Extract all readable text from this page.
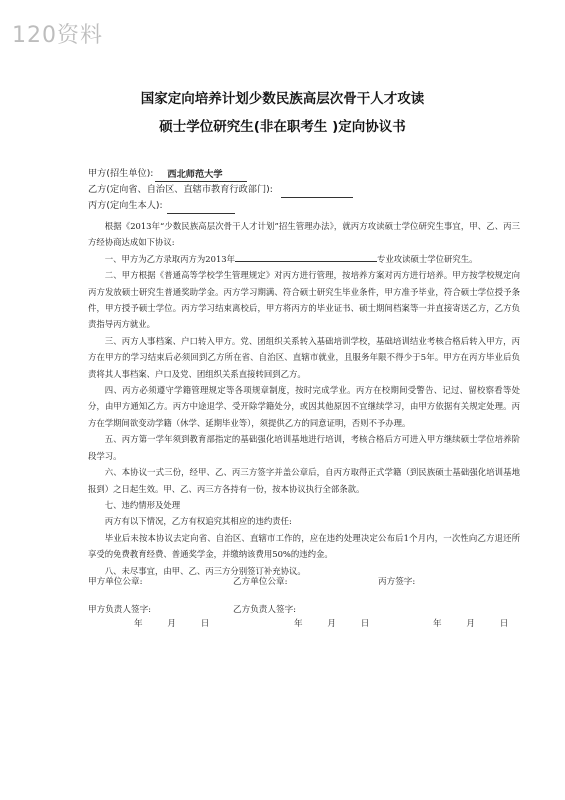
120资料
国家定向培养计划少数民族高层次骨干人才攻读
硕士学位研究生(非在职考生 )定向协议书
甲方(招生单位):	西北师范大学
乙方(定向省、自治区、直辖市教育行政部门):
丙方(定向生本人):

根据《2013年“少数民族高层次骨干人才计划”招生管理办法》，就丙方攻读硕士学位研究生事宜，甲、乙、丙三方经协商达成如下协议:

一、甲方为乙方录取丙方为2013年	专业攻读硕士学位研究生。

二、甲方根据《普通高等学校学生管理规定》对丙方进行管理，按培养方案对丙方进行培养。甲方按学校规定向丙方发放硕士研究生普通奖助学金。丙方学习期满、符合硕士研究生毕业条件，甲方准予毕业，符合硕士学位授予条件，甲方授予硕士学位。丙方学习结束离校后，甲方将丙方的毕业证书、硕士期间档案等一并直接寄送乙方，乙方负责指导丙方就业。

三、丙方人事档案、户口转入甲方。党、团组织关系转入基础培训学校，基础培训结业考核合格后转入甲方，丙方在甲方的学习结束后必须回到乙方所在省、自治区、直辖市就业，且服务年限不得少于5年。甲方在丙方毕业后负责将其人事档案、户口及党、团组织关系直接转回到乙方。

四、丙方必须遵守学籍管理规定等各项规章制度，按时完成学业。丙方在校期间受警告、记过、留校察看等处分，由甲方通知乙方。丙方中途退学、受开除学籍处分，或因其他原因不宜继续学习，由甲方依据有关规定处理。丙方在学期间欲变动学籍（休学、延期毕业等），须提供乙方的同意证明，否则不予办理。

五、丙方第一学年须到教育部指定的基础强化培训基地进行培训，考核合格后方可进入甲方继续硕士学位培养阶段学习。

六、本协议一式三份，经甲、乙、丙三方签字并盖公章后，自丙方取得正式学籍（到民族硕士基础强化培训基地报到）之日起生效。甲、乙、丙三方各持有一份，按本协议执行全部条款。

七、违约情形及处理

丙方有以下情况，乙方有权追究其相应的违约责任:

毕业后未按本协议去定向省、自治区、直辖市工作的，应在违约处理决定公布后1个月内，一次性向乙方退还所享受的免费教育经费、普通奖学金，并缴纳该费用50%的违约金。

八、未尽事宜，由甲、乙、丙三方分别签订补充协议。

甲方单位公章:	乙方单位公章:	丙方签字:
甲方负责人签字:	乙方负责人签字:
年	月	日	年	月	日	年	月	日
